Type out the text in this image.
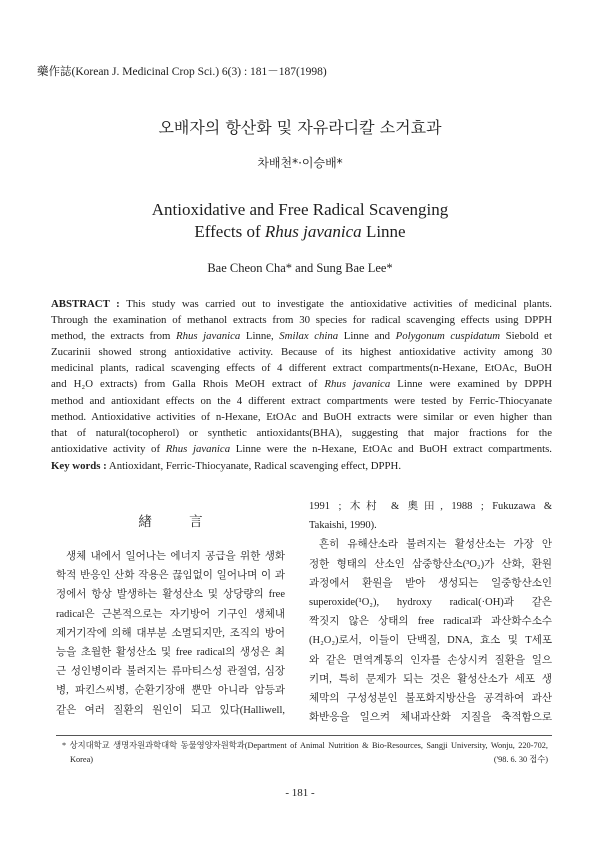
藥作誌(Korean J. Medicinal Crop Sci.) 6(3) : 181－187(1998)
오배자의 항산화 및 자유라디칼 소거효과
차배천*·이승배*
Antioxidative and Free Radical Scavenging
Effects of Rhus javanica Linne
Bae Cheon Cha* and Sung Bae Lee*
ABSTRACT : This study was carried out to investigate the antioxidative activities of medicinal plants.
Through the examination of methanol extracts from 30 species for radical scavenging effects using DPPH
method, the extracts from Rhus javanica Linne, Smilax china Linne and Polygonum cuspidatum Siebold et
Zucarinii showed strong antioxidative activity. Because of its highest antioxidative activity among 30
medicinal plants, radical scavenging effects of 4 different extract compartments(n-Hexane, EtOAc, BuOH
and H₂O extracts) from Galla Rhois MeOH extract of Rhus javanica Linne were examined by DPPH
method and antioxidant effects on the 4 different extract compartments were tested by Ferric-Thiocyanate
method. Antioxidative activities of n-Hexane, EtOAc and BuOH extracts were similar or even higher than
that of natural(tocopherol) or synthetic antioxidants(BHA), suggesting that major fractions for the
antioxidative activity of Rhus javanica Linne were the n-Hexane, EtOAc and BuOH extract compartments.
Key words : Antioxidant, Ferric-Thiocyanate, Radical scavenging effect, DPPH.
緖 言
생체 내에서 일어나는 에너지 공급을 위한 생화
학적 반응인 산화 작용은 끊임없이 일어나며 이 과
정에서 항상 발생하는 활성산소 및 상당량의 free
radical은 근본적으로는 자기방어 기구인 생체내
제거기작에 의해 대부분 소멸되지만, 조직의 방어
능을 초월한 활성산소 및 free radical의 생성은 최
근 성인병이라 불려지는 류마티스성 관절염, 심장
병, 파킨스씨병, 순환기장애 뿐만 아니라 암등과
같은 여러 질환의 원인이 되고 있다(Halliwell,
1991 ; 木村 & 奧田, 1988 ; Fukuzawa &
Takaishi, 1990).
흔히 유해산소라 불려지는 활성산소는 가장 안
정한 형태의 산소인 삼중항산소(³O₂)가 산화, 환원
과정에서 환원을 받아 생성되는 일중항산소인
superoxide(¹O₂), hydroxy radical(·OH)과 같은
짝짓지 않은 상태의 free radical과 과산화수소수
(H₂O₂)로서, 이들이 단백질, DNA, 효소 및 T세포
와 같은 면역계통의 인자를 손상시켜 질환을 일으
키며, 특히 문제가 되는 것은 활성산소가 세포 생
체막의 구성성분인 불포화지방산을 공격하여 과산
화반응을 일으켜 체내과산화 지질을 축적함으로
* 상지대학교 생명자원과학대학 동물영양자원학과(Department of Animal Nutrition & Bio-Resources, Sangji University, Wonju, 220-702,
Korea)	('98. 6. 30 접수)
- 181 -
